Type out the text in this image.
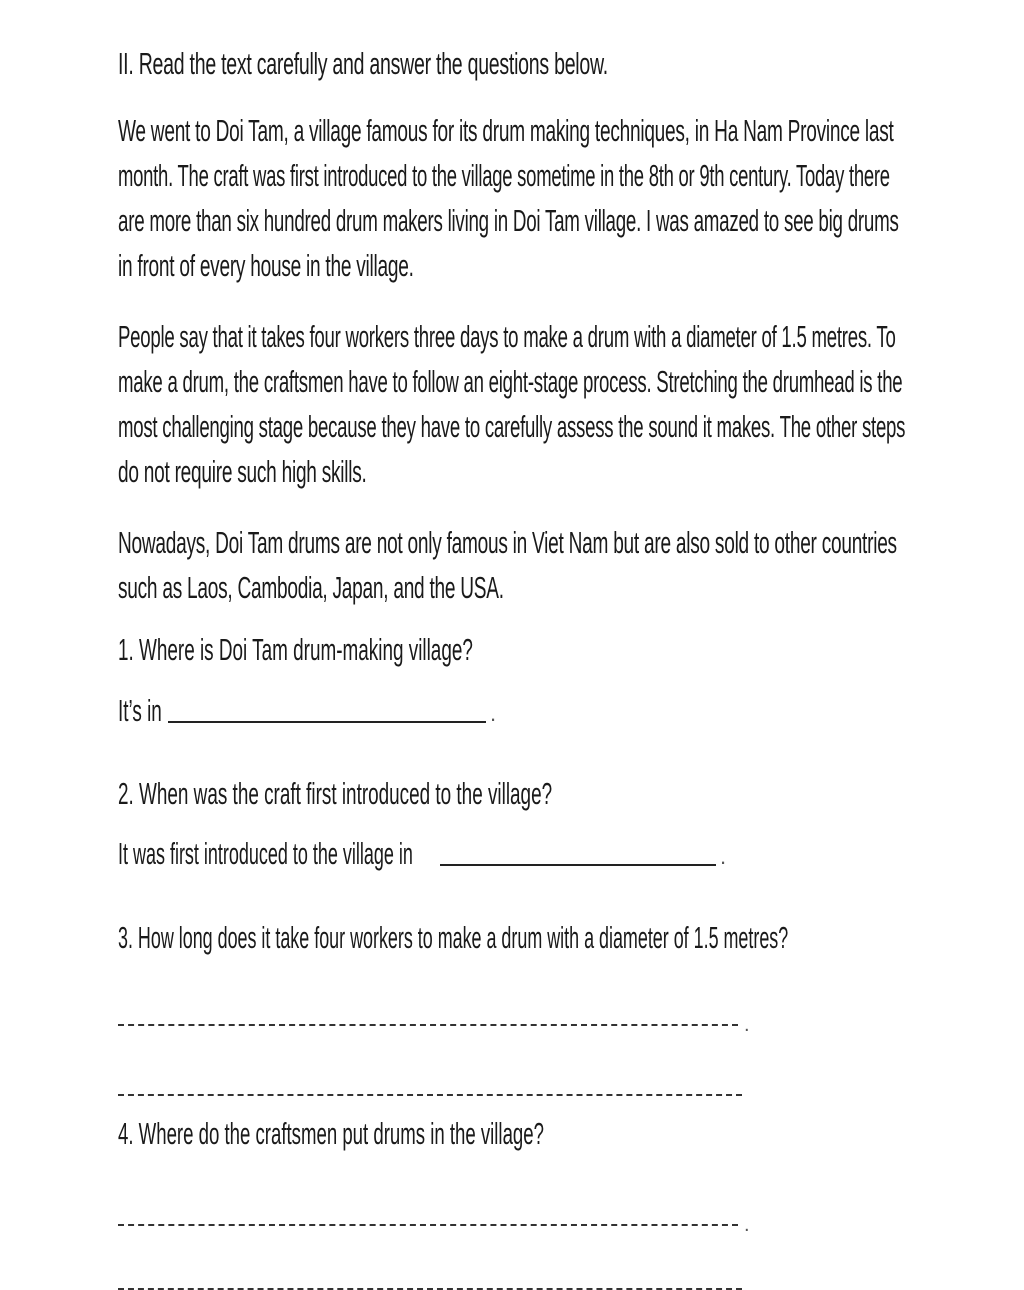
II. Read the text carefully and answer the questions below.
We went to Doi Tam, a village famous for its drum making techniques, in Ha Nam Province last
month. The craft was first introduced to the village sometime in the 8th or 9th century. Today there
are more than six hundred drum makers living in Doi Tam village. I was amazed to see big drums
in front of every house in the village.
People say that it takes four workers three days to make a drum with a diameter of 1.5 metres. To
make a drum, the craftsmen have to follow an eight-stage process. Stretching the drumhead is the
most challenging stage because they have to carefully assess the sound it makes. The other steps
do not require such high skills.
Nowadays, Doi Tam drums are not only famous in Viet Nam but are also sold to other countries
such as Laos, Cambodia, Japan, and the USA.
1. Where is Doi Tam drum-making village?
It’s in	.
2. When was the craft first introduced to the village?
It was first introduced to the village in	.
3. How long does it take four workers to make a drum with a diameter of 1.5 metres?
.
4. Where do the craftsmen put drums in the village?
.
